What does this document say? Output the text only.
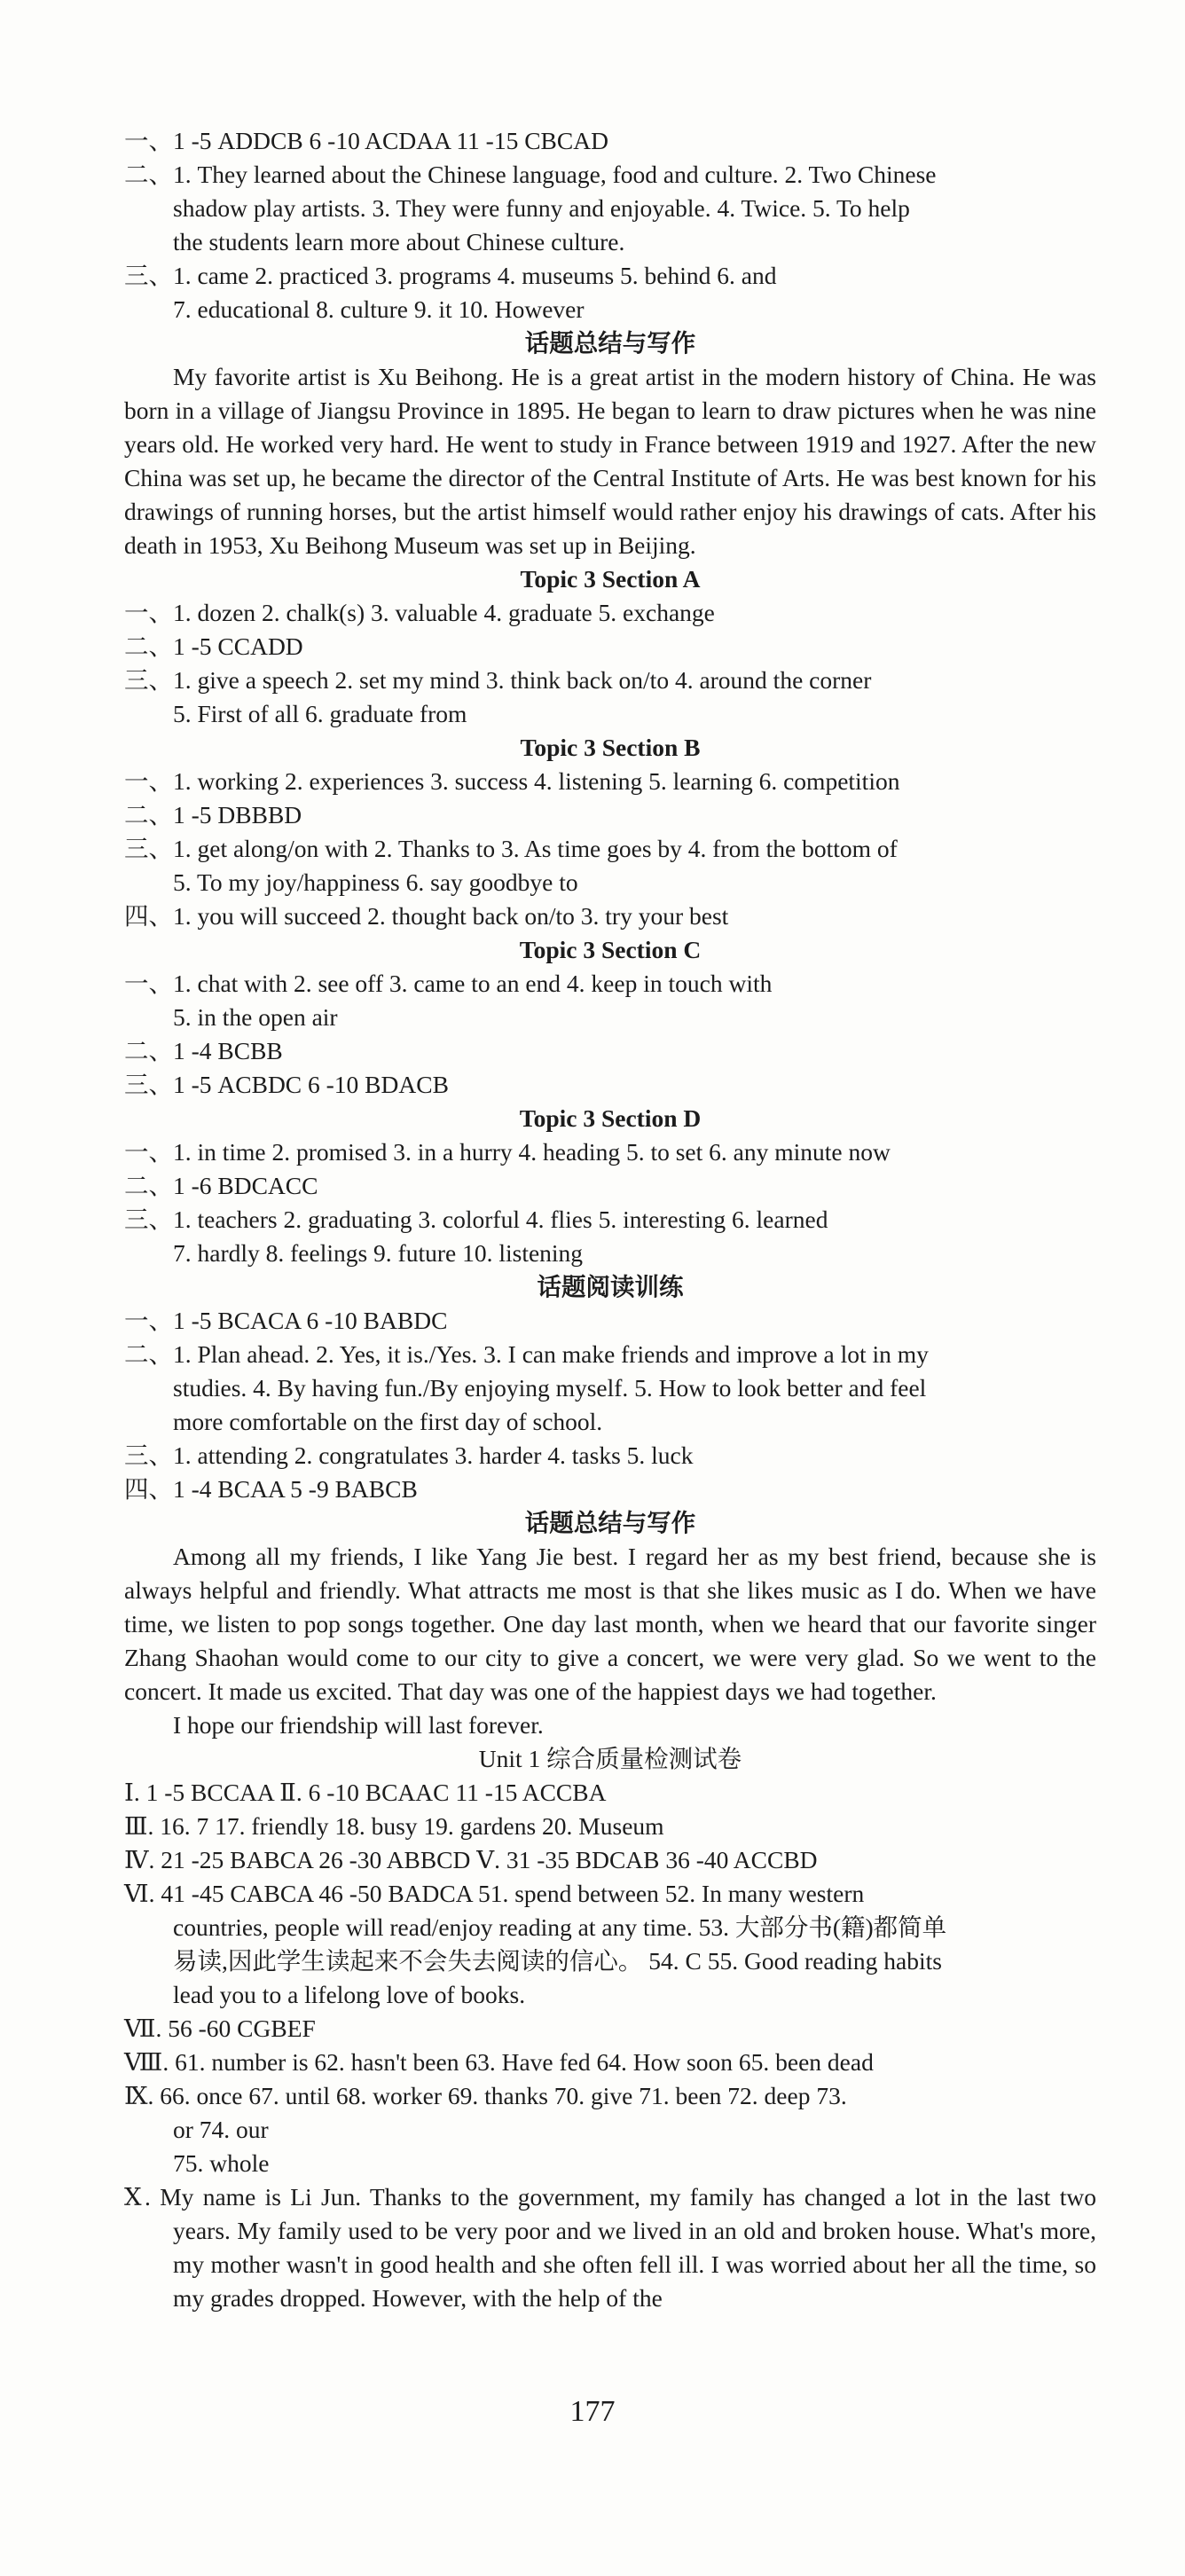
一、1 -5 ADDCB 6 -10 ACDAA 11 -15 CBCAD
二、1. They learned about the Chinese language, food and culture. 2. Two Chinese
shadow play artists. 3. They were funny and enjoyable. 4. Twice. 5. To help
the students learn more about Chinese culture.
三、1. came 2. practiced 3. programs 4. museums 5. behind 6. and
7. educational 8. culture 9. it 10. However
话题总结与写作
My favorite artist is Xu Beihong. He is a great artist in the modern history of China. He was born in a village of Jiangsu Province in 1895. He began to learn to draw pictures when he was nine years old. He worked very hard. He went to study in France between 1919 and 1927. After the new China was set up, he became the director of the Central Institute of Arts. He was best known for his drawings of running horses, but the artist himself would rather enjoy his drawings of cats. After his death in 1953, Xu Beihong Museum was set up in Beijing.
Topic 3 Section A
一、1. dozen 2. chalk(s) 3. valuable 4. graduate 5. exchange
二、1 -5 CCADD
三、1. give a speech 2. set my mind 3. think back on/to 4. around the corner
5. First of all 6. graduate from
Topic 3 Section B
一、1. working 2. experiences 3. success 4. listening 5. learning 6. competition
二、1 -5 DBBBD
三、1. get along/on with 2. Thanks to 3. As time goes by 4. from the bottom of
5. To my joy/happiness 6. say goodbye to
四、1. you will succeed 2. thought back on/to 3. try your best
Topic 3 Section C
一、1. chat with 2. see off 3. came to an end 4. keep in touch with
5. in the open air
二、1 -4 BCBB
三、1 -5 ACBDC 6 -10 BDACB
Topic 3 Section D
一、1. in time 2. promised 3. in a hurry 4. heading 5. to set 6. any minute now
二、1 -6 BDCACC
三、1. teachers 2. graduating 3. colorful 4. flies 5. interesting 6. learned
7. hardly 8. feelings 9. future 10. listening
话题阅读训练
一、1 -5 BCACA 6 -10 BABDC
二、1. Plan ahead. 2. Yes, it is./Yes. 3. I can make friends and improve a lot in my
studies. 4. By having fun./By enjoying myself. 5. How to look better and feel
more comfortable on the first day of school.
三、1. attending 2. congratulates 3. harder 4. tasks 5. luck
四、1 -4 BCAA 5 -9 BABCB
话题总结与写作
Among all my friends, I like Yang Jie best. I regard her as my best friend, because she is always helpful and friendly. What attracts me most is that she likes music as I do. When we have time, we listen to pop songs together. One day last month, when we heard that our favorite singer Zhang Shaohan would come to our city to give a concert, we were very glad. So we went to the concert. It made us excited. That day was one of the happiest days we had together.
I hope our friendship will last forever.
Unit 1 综合质量检测试卷
Ⅰ. 1 -5 BCCAA Ⅱ. 6 -10 BCAAC 11 -15 ACCBA
Ⅲ. 16. 7 17. friendly 18. busy 19. gardens 20. Museum
Ⅳ. 21 -25 BABCA 26 -30 ABBCD Ⅴ. 31 -35 BDCAB 36 -40 ACCBD
Ⅵ. 41 -45 CABCA 46 -50 BADCA 51. spend between 52. In many western
countries, people will read/enjoy reading at any time. 53. 大部分书(籍)都简单
易读,因此学生读起来不会失去阅读的信心。 54. C 55. Good reading habits
lead you to a lifelong love of books.
Ⅶ. 56 -60 CGBEF
Ⅷ. 61. number is 62. hasn't been 63. Have fed 64. How soon 65. been dead
Ⅸ. 66. once 67. until 68. worker 69. thanks 70. give 71. been 72. deep 73.
or 74. our
75. whole
Ⅹ. My name is Li Jun. Thanks to the government, my family has changed a lot in the last two years. My family used to be very poor and we lived in an old and broken house. What's more, my mother wasn't in good health and she often fell ill. I was worried about her all the time, so my grades dropped. However, with the help of the
177
